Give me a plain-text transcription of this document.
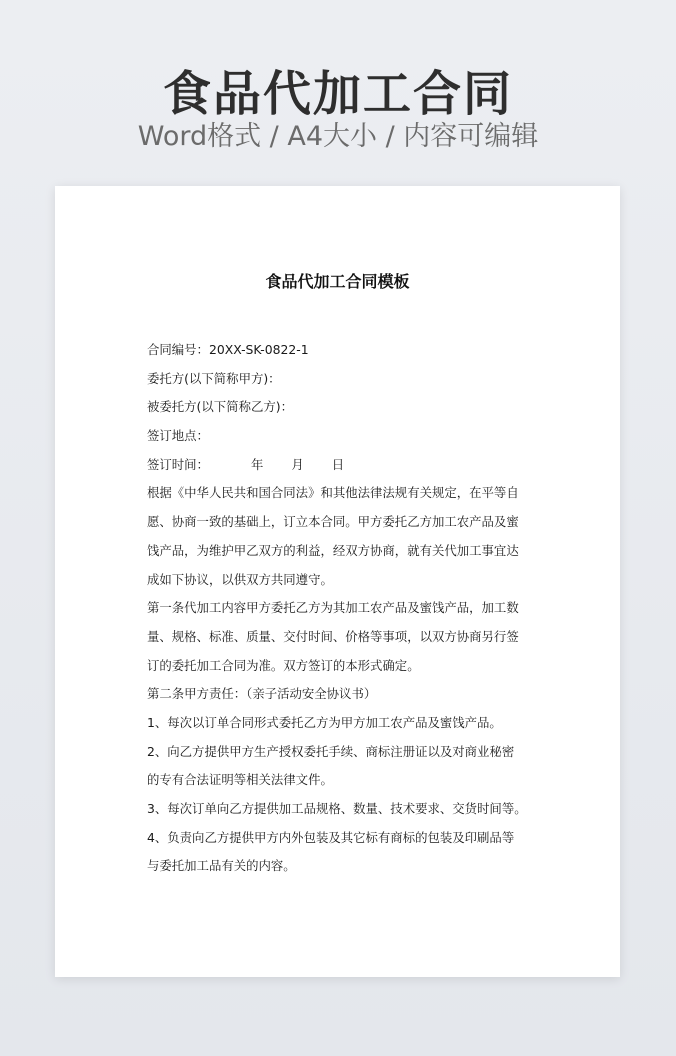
食品代加工合同
Word格式 / A4大小 / 内容可编辑
食品代加工合同模板
合同编号：20XX-SK-0822-1
委托方(以下简称甲方)：
被委托方(以下简称乙方)：
签订地点：
签订时间：	年 月 日
根据《中华人民共和国合同法》和其他法律法规有关规定，在平等自
愿、协商一致的基础上，订立本合同。甲方委托乙方加工农产品及蜜
饯产品，为维护甲乙双方的利益，经双方协商，就有关代加工事宜达
成如下协议，以供双方共同遵守。
第一条代加工内容甲方委托乙方为其加工农产品及蜜饯产品，加工数
量、规格、标准、质量、交付时间、价格等事项，以双方协商另行签
订的委托加工合同为准。双方签订的本形式确定。
第二条甲方责任：（亲子活动安全协议书）
1、每次以订单合同形式委托乙方为甲方加工农产品及蜜饯产品。
2、向乙方提供甲方生产授权委托手续、商标注册证以及对商业秘密
的专有合法证明等相关法律文件。
3、每次订单向乙方提供加工品规格、数量、技术要求、交货时间等。
4、负责向乙方提供甲方内外包装及其它标有商标的包装及印刷品等
与委托加工品有关的内容。
